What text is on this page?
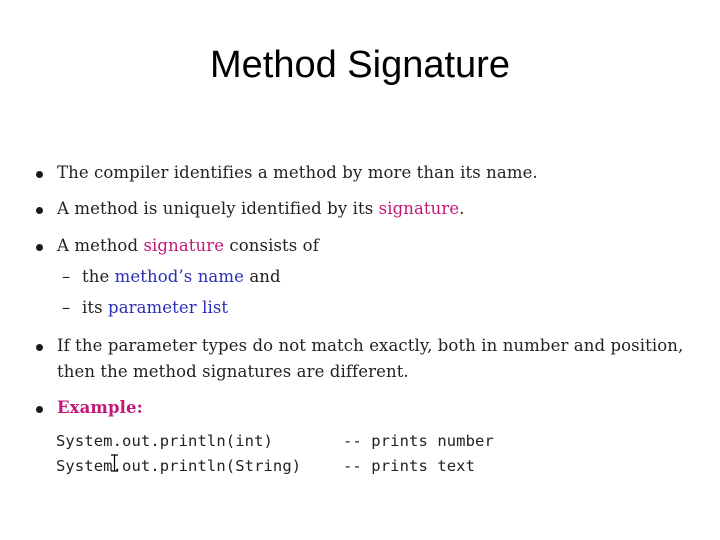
Method Signature
The compiler identifies a method by more than its name.
A method is uniquely identified by its signature.
A method signature consists of
– the method’s name and
– its parameter list
If the parameter types do not match exactly, both in number and position,
then the method signatures are different.
Example:
System.out.println(int)	-- prints number
System.out.println(String)	-- prints text
